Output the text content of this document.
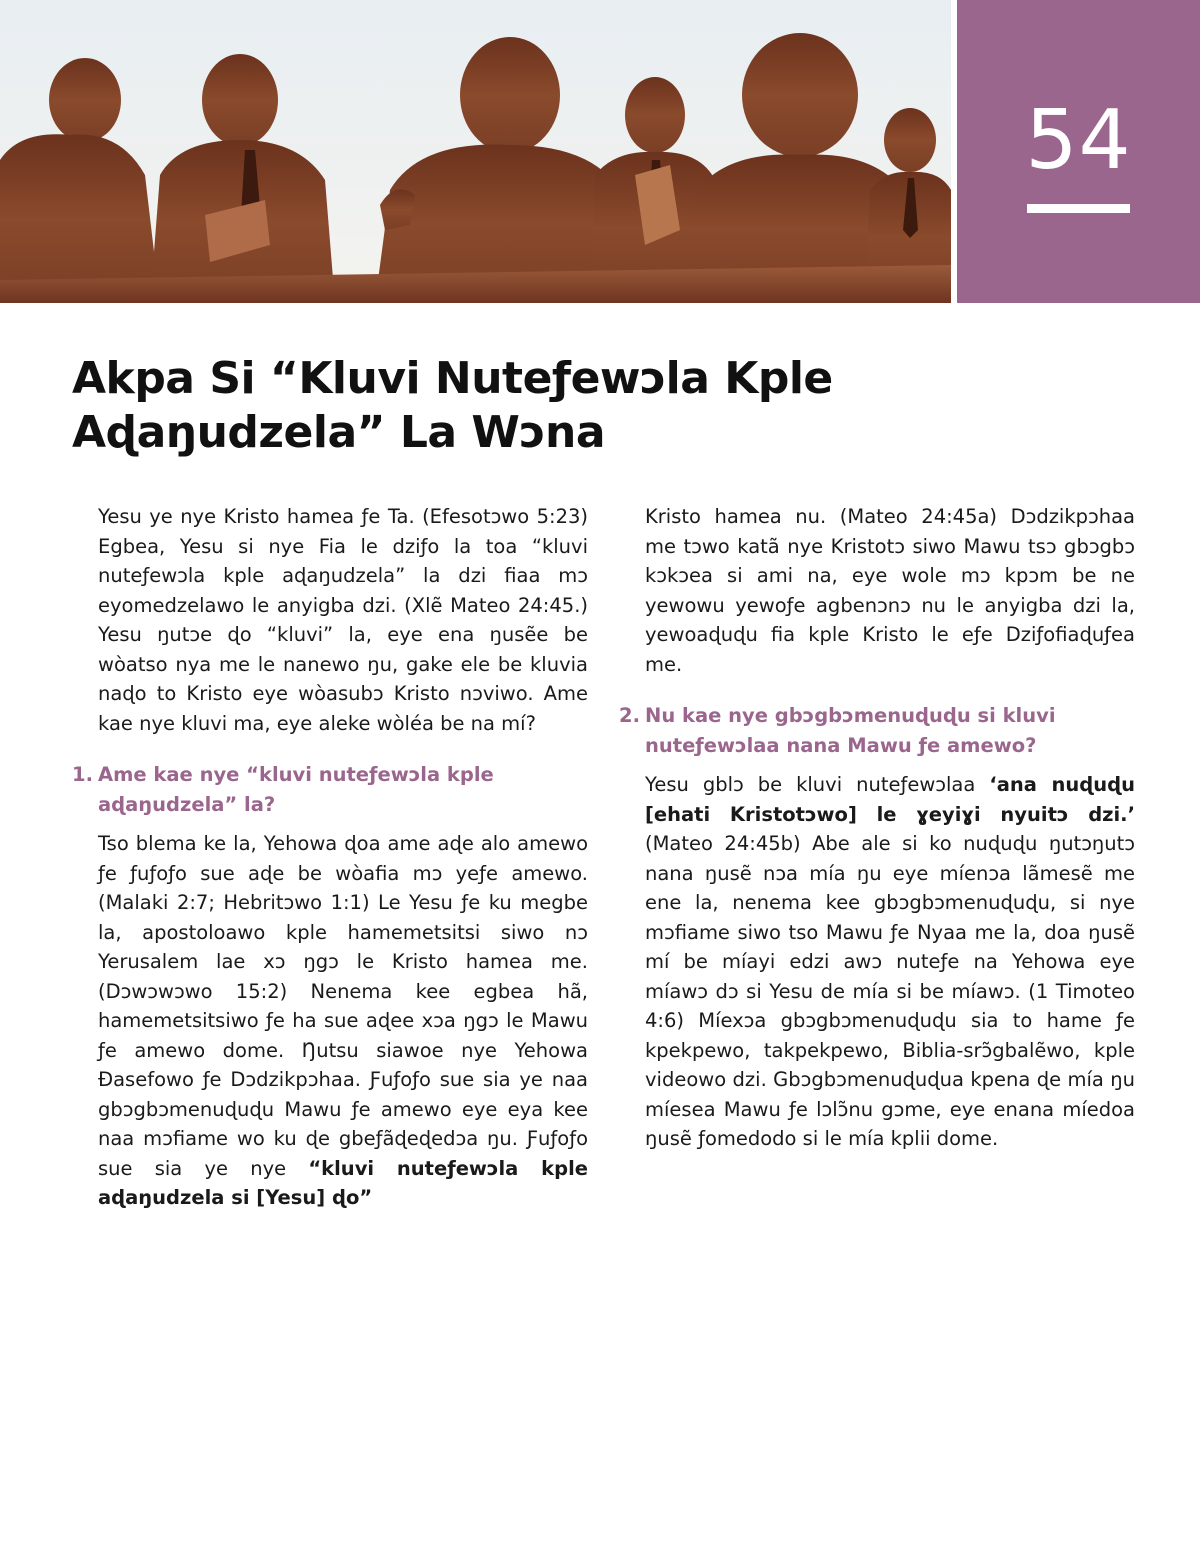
54
Akpa Si “Kluvi Nuteƒewɔla Kple Aɖaŋudzela” La Wɔna

Yesu ye nye Kristo hamea ƒe Ta. (Efesotɔwo 5:23) Egbea, Yesu si nye Fia le dziƒo la toa “kluvi nuteƒewɔla kple aɖaŋudzela” la dzi fiaa mɔ eyomedzelawo le anyigba dzi. (Xlẽ Mateo 24:45.) Yesu ŋutɔe ɖo “kluvi” la, eye ena ŋusẽe be wòatso nya me le nanewo ŋu, gake ele be kluvia naɖo to Kristo eye wòasubɔ Kristo nɔviwo. Ame kae nye kluvi ma, eye aleke wòléa be na mí?

1. Ame kae nye “kluvi nuteƒewɔla kple aɖaŋudzela” la?

Tso blema ke la, Yehowa ɖoa ame aɖe alo amewo ƒe ƒuƒoƒo sue aɖe be wòafia mɔ yeƒe amewo. (Malaki 2:7; Hebritɔwo 1:1) Le Yesu ƒe ku megbe la, apostoloawo kple hamemetsitsi siwo nɔ Yerusalem lae xɔ ŋgɔ le Kristo hamea me. (Dɔwɔwɔwo 15:2) Nenema kee egbea hã, hamemetsitsiwo ƒe ha sue aɖee xɔa ŋgɔ le Mawu ƒe amewo dome. Ŋutsu siawoe nye Yehowa Ðasefowo ƒe Dɔdzikpɔhaa. Ƒuƒoƒo sue sia ye naa gbɔgbɔmenuɖuɖu Mawu ƒe amewo eye eya kee naa mɔfiame wo ku ɖe gbeƒãɖeɖedɔa ŋu. Ƒuƒoƒo sue sia ye nye “kluvi nuteƒewɔla kple aɖaŋudzela si [Yesu] ɖo”

Kristo hamea nu. (Mateo 24:45a) Dɔdzikpɔhaa me tɔwo katã nye Kristotɔ siwo Mawu tsɔ gbɔgbɔ kɔkɔea si ami na, eye wole mɔ kpɔm be ne yewowu yewoƒe agbenɔnɔ nu le anyigba dzi la, yewoaɖuɖu fia kple Kristo le eƒe Dziƒofiaɖuƒea me.

2. Nu kae nye gbɔgbɔmenuɖuɖu si kluvi nuteƒewɔlaa nana Mawu ƒe amewo?

Yesu gblɔ be kluvi nuteƒewɔlaa ‘ana nuɖuɖu [ehati Kristotɔwo] le ɣeyiɣi nyuitɔ dzi.’ (Mateo 24:45b) Abe ale si ko nuɖuɖu ŋutɔŋutɔ nana ŋusẽ nɔa mía ŋu eye míenɔa lãmesẽ me ene la, nenema kee gbɔgbɔmenuɖuɖu, si nye mɔfiame siwo tso Mawu ƒe Nyaa me la, doa ŋusẽ mí be míayi edzi awɔ nuteƒe na Yehowa eye míawɔ dɔ si Yesu de mía si be míawɔ. (1 Timoteo 4:6) Míexɔa gbɔgbɔmenuɖuɖu sia to hame ƒe kpekpewo, takpekpewo, Biblia-srɔ̃gbalẽwo, kple videowo dzi. Gbɔgbɔmenuɖuɖua kpena ɖe mía ŋu míesea Mawu ƒe lɔlɔ̃nu gɔme, eye enana míedoa ŋusẽ ƒomedodo si le mía kplii dome.
